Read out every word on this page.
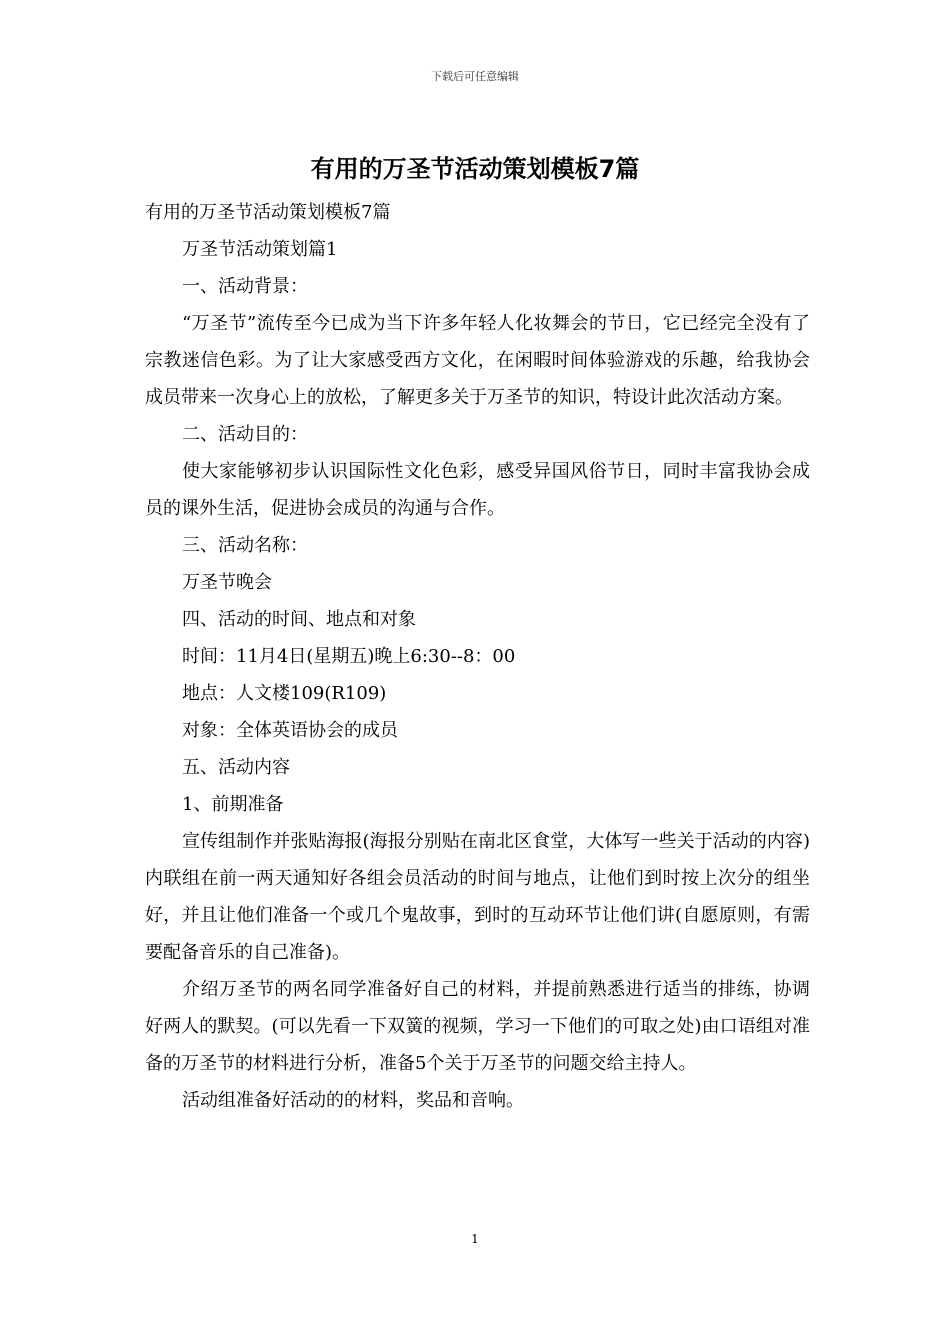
下载后可任意编辑
有用的万圣节活动策划模板7篇

有用的万圣节活动策划模板7篇

万圣节活动策划篇1

一、活动背景：

“万圣节”流传至今已成为当下许多年轻人化妆舞会的节日，它已经完全没有了宗教迷信色彩。为了让大家感受西方文化，在闲暇时间体验游戏的乐趣，给我协会成员带来一次身心上的放松，了解更多关于万圣节的知识，特设计此次活动方案。

二、活动目的：

使大家能够初步认识国际性文化色彩，感受异国风俗节日，同时丰富我协会成员的课外生活，促进协会成员的沟通与合作。

三、活动名称：

万圣节晚会

四、活动的时间、地点和对象

时间：11月4日(星期五)晚上6:30--8：00

地点：人文楼109(R109)

对象：全体英语协会的成员

五、活动内容

1、前期准备

宣传组制作并张贴海报(海报分别贴在南北区食堂，大体写一些关于活动的内容)内联组在前一两天通知好各组会员活动的时间与地点，让他们到时按上次分的组坐好，并且让他们准备一个或几个鬼故事，到时的互动环节让他们讲(自愿原则，有需要配备音乐的自己准备)。

介绍万圣节的两名同学准备好自己的材料，并提前熟悉进行适当的排练，协调好两人的默契。(可以先看一下双簧的视频，学习一下他们的可取之处)由口语组对准备的万圣节的材料进行分析，准备5个关于万圣节的问题交给主持人。

活动组准备好活动的的材料，奖品和音响。

1
